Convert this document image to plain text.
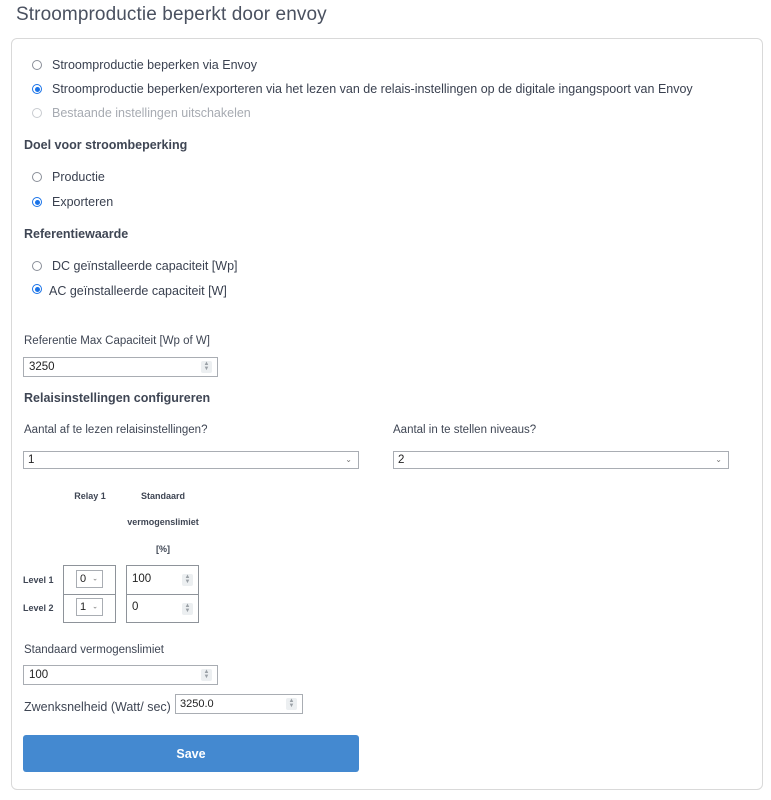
Stroomproductie beperkt door envoy
Stroomproductie beperken via Envoy
Stroomproductie beperken/exporteren via het lezen van de relais-instellingen op de digitale ingangspoort van Envoy
Bestaande instellingen uitschakelen
Doel voor stroombeperking
Productie
Exporteren
Referentiewaarde
DC geïnstalleerde capaciteit [Wp]
AC geïnstalleerde capaciteit [W]
Referentie Max Capaciteit [Wp of W]
3250	▲
▼
Relaisinstellingen configureren
Aantal af te lezen relaisinstellingen?
1	⌄
Aantal in te stellen niveaus?
2	⌄
Relay 1	Standaard
vermogenslimiet
[%]
Level 1 0 ⌄	100	▲
▼
Level 2 1 ⌄	0	▲
▼
Standaard vermogenslimiet
100	▲
▼
Zwenksnelheid (Watt/ sec) 3250.0	▲
▼
Save
